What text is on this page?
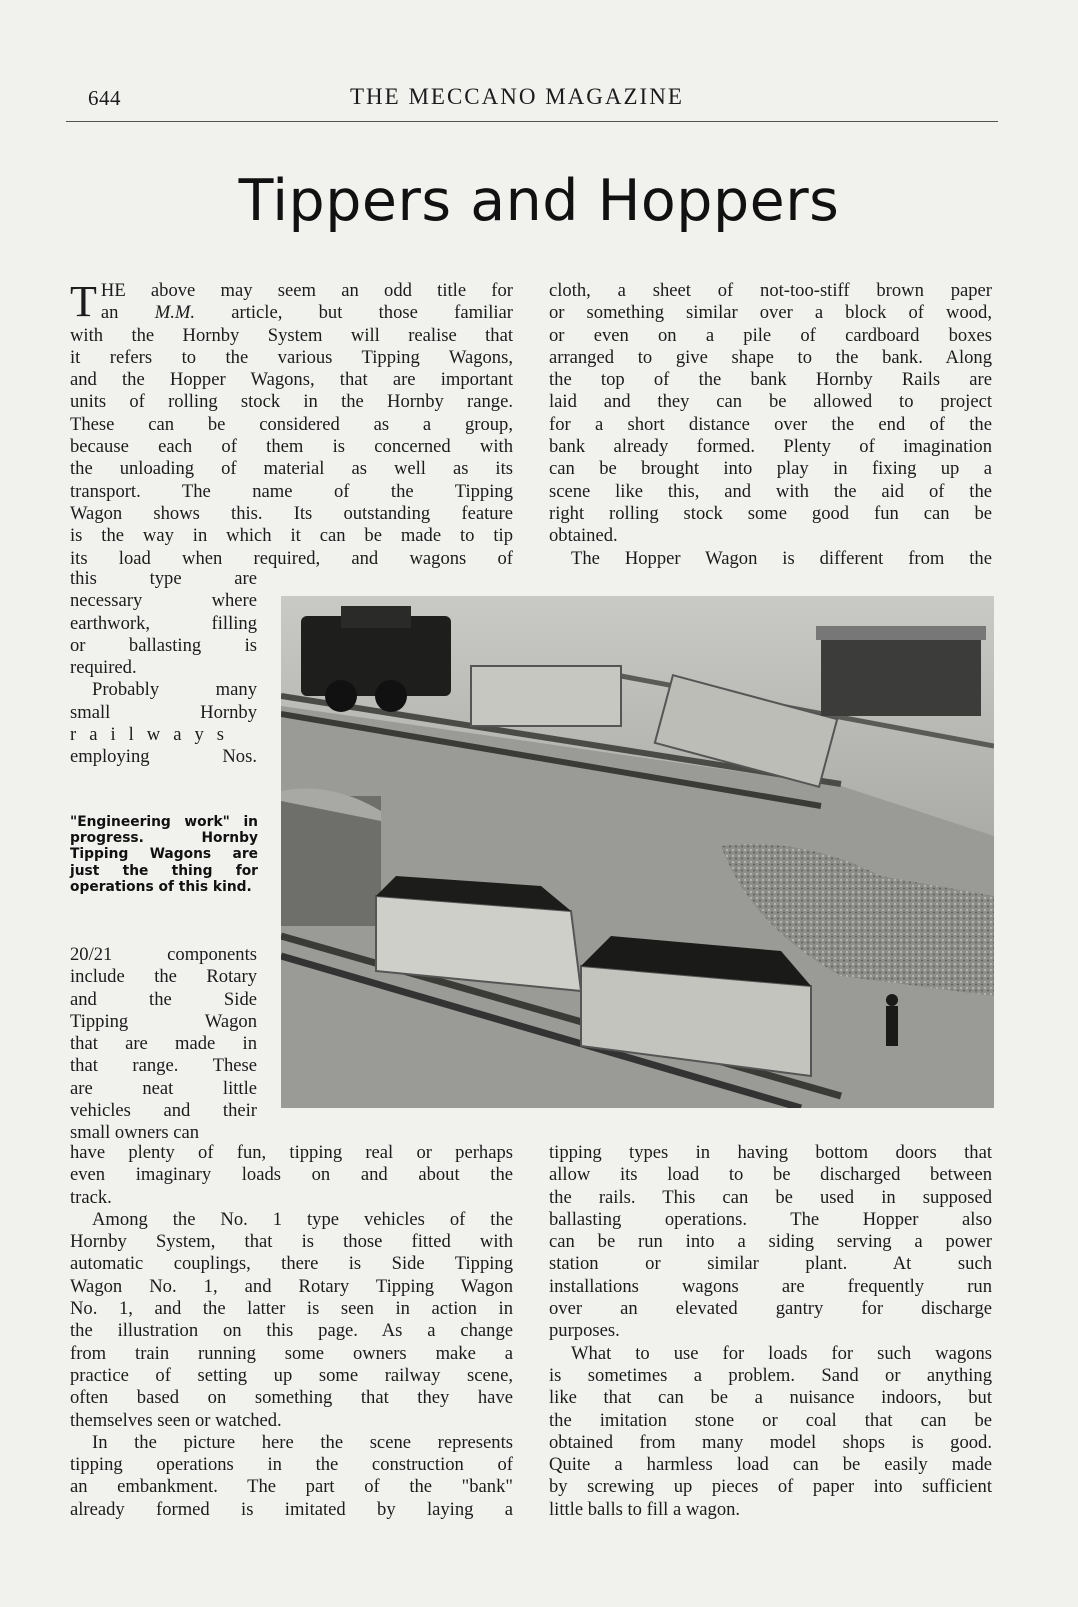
644	THE MECCANO MAGAZINE
Tippers and Hoppers
T HE above may seem an odd title for

an M.M. article, but those familiar

with the Hornby System will realise that

it refers to the various Tipping Wagons,

and the Hopper Wagons, that are important

units of rolling stock in the Hornby range.

These can be considered as a group,

because each of them is concerned with

the unloading of material as well as its

transport. The name of the Tipping

Wagon shows this. Its outstanding feature

is the way in which it can be made to tip

its load when required, and wagons of

cloth, a sheet of not-too-stiff brown paper

or something similar over a block of wood,

or even on a pile of cardboard boxes

arranged to give shape to the bank. Along

the top of the bank Hornby Rails are

laid and they can be allowed to project

for a short distance over the end of the

bank already formed. Plenty of imagination

can be brought into play in fixing up a

scene like this, and with the aid of the

right rolling stock some good fun can be

obtained.

The Hopper Wagon is different from the

this type are

necessary where

earthwork, filling

or ballasting is

required.

Probably many

small Hornby

railways

employing Nos.

"Engineering work" in progress. Hornby Tipping Wagons are just the thing for operations of this kind.

20/21 components

include the Rotary

and the Side

Tipping Wagon

that are made in

that range. These

are neat little

vehicles and their

small owners can

have plenty of fun, tipping real or perhaps

even imaginary loads on and about the

track.

Among the No. 1 type vehicles of the

Hornby System, that is those fitted with

automatic couplings, there is Side Tipping

Wagon No. 1, and Rotary Tipping Wagon

No. 1, and the latter is seen in action in

the illustration on this page. As a change

from train running some owners make a

practice of setting up some railway scene,

often based on something that they have

themselves seen or watched.

In the picture here the scene represents

tipping operations in the construction of

an embankment. The part of the "bank"

already formed is imitated by laying a

tipping types in having bottom doors that

allow its load to be discharged between

the rails. This can be used in supposed

ballasting operations. The Hopper also

can be run into a siding serving a power

station or similar plant. At such

installations wagons are frequently run

over an elevated gantry for discharge

purposes.

What to use for loads for such wagons

is sometimes a problem. Sand or anything

like that can be a nuisance indoors, but

the imitation stone or coal that can be

obtained from many model shops is good.

Quite a harmless load can be easily made

by screwing up pieces of paper into sufficient

little balls to fill a wagon.
